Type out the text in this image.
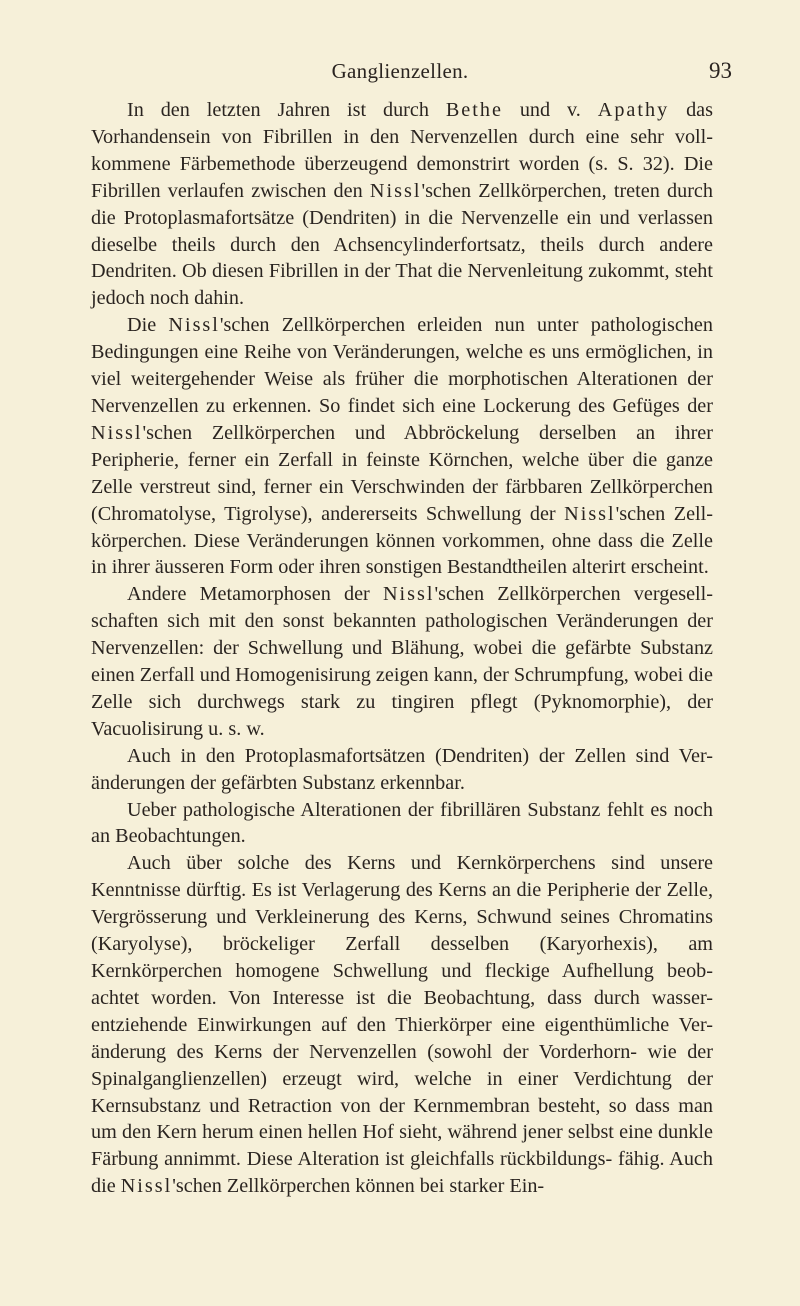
Ganglienzellen.	93

In den letzten Jahren ist durch Bethe und v. Apathy das Vorhandensein von Fibrillen in den Nervenzellen durch eine sehr voll- kommene Färbemethode überzeugend demonstrirt worden (s. S. 32). Die Fibrillen verlaufen zwischen den Nissl'schen Zellkörperchen, treten durch die Protoplasmafortsätze (Dendriten) in die Nervenzelle ein und verlassen dieselbe theils durch den Achsencylinderfortsatz, theils durch andere Dendriten. Ob diesen Fibrillen in der That die Nervenleitung zukommt, steht jedoch noch dahin.

Die Nissl'schen Zellkörperchen erleiden nun unter pathologischen Bedingungen eine Reihe von Veränderungen, welche es uns ermöglichen, in viel weitergehender Weise als früher die morphotischen Alterationen der Nervenzellen zu erkennen. So findet sich eine Lockerung des Gefüges der Nissl'schen Zellkörperchen und Abbröckelung derselben an ihrer Peripherie, ferner ein Zerfall in feinste Körnchen, welche über die ganze Zelle verstreut sind, ferner ein Verschwinden der färbbaren Zellkörperchen (Chromatolyse, Tigrolyse), andererseits Schwellung der Nissl'schen Zell- körperchen. Diese Veränderungen können vorkommen, ohne dass die Zelle in ihrer äusseren Form oder ihren sonstigen Bestandtheilen alterirt erscheint.

Andere Metamorphosen der Nissl'schen Zellkörperchen vergesell- schaften sich mit den sonst bekannten pathologischen Veränderungen der Nervenzellen: der Schwellung und Blähung, wobei die gefärbte Substanz einen Zerfall und Homogenisirung zeigen kann, der Schrumpfung, wobei die Zelle sich durchwegs stark zu tingiren pflegt (Pyknomorphie), der Vacuolisirung u. s. w.

Auch in den Protoplasmafortsätzen (Dendriten) der Zellen sind Ver- änderungen der gefärbten Substanz erkennbar.

Ueber pathologische Alterationen der fibrillären Substanz fehlt es noch an Beobachtungen.

Auch über solche des Kerns und Kernkörperchens sind unsere Kenntnisse dürftig. Es ist Verlagerung des Kerns an die Peripherie der Zelle, Vergrösserung und Verkleinerung des Kerns, Schwund seines Chromatins (Karyolyse), bröckeliger Zerfall desselben (Karyorhexis), am Kernkörperchen homogene Schwellung und fleckige Aufhellung beob- achtet worden. Von Interesse ist die Beobachtung, dass durch wasser- entziehende Einwirkungen auf den Thierkörper eine eigenthümliche Ver- änderung des Kerns der Nervenzellen (sowohl der Vorderhorn- wie der Spinalganglienzellen) erzeugt wird, welche in einer Verdichtung der Kernsubstanz und Retraction von der Kernmembran besteht, so dass man um den Kern herum einen hellen Hof sieht, während jener selbst eine dunkle Färbung annimmt. Diese Alteration ist gleichfalls rückbildungs- fähig. Auch die Nissl'schen Zellkörperchen können bei starker Ein-
